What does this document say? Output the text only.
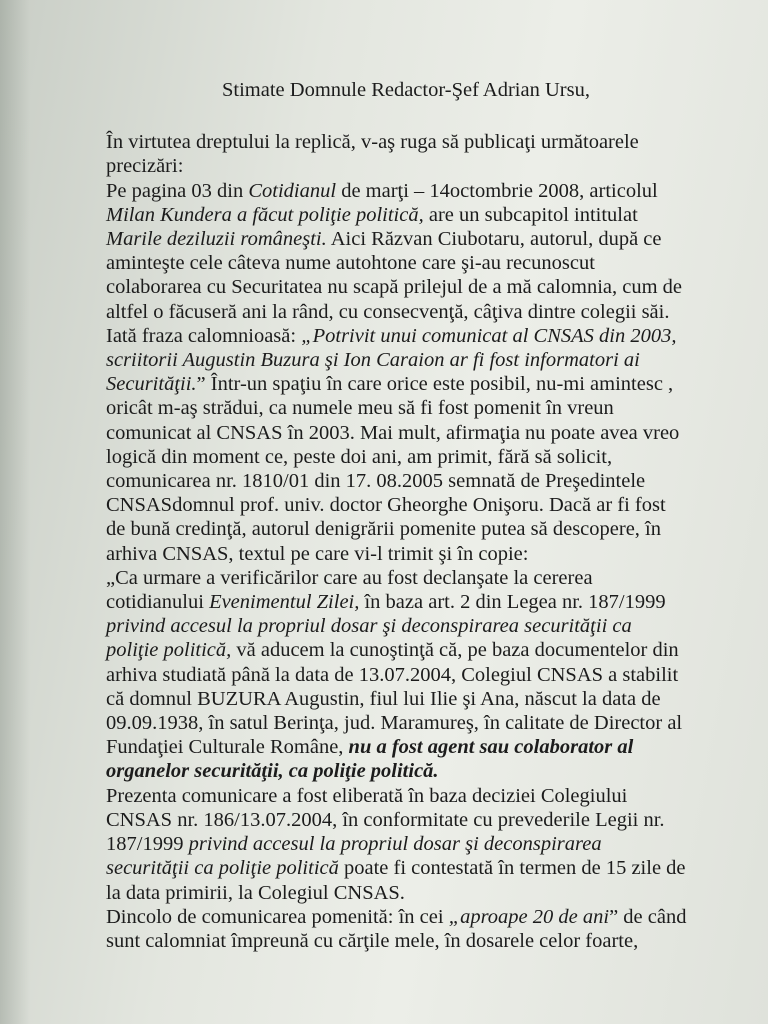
Stimate Domnule Redactor-Şef Adrian Ursu,
În virtutea dreptului la replică, v-aş ruga să publicaţi următoarele
precizări:
Pe pagina 03 din Cotidianul de marţi – 14octombrie 2008, articolul
Milan Kundera a făcut poliţie politică, are un subcapitol intitulat
Marile deziluzii româneşti. Aici Răzvan Ciubotaru, autorul, după ce
aminteşte cele câteva nume autohtone care şi-au recunoscut
colaborarea cu Securitatea nu scapă prilejul de a mă calomnia, cum de
altfel o făcuseră ani la rând, cu consecvenţă, câţiva dintre colegii săi.
Iată fraza calomnioasă: „Potrivit unui comunicat al CNSAS din 2003,
scriitorii Augustin Buzura şi Ion Caraion ar fi fost informatori ai
Securităţii.” Într-un spaţiu în care orice este posibil, nu-mi amintesc ,
oricât m-aş strădui, ca numele meu să fi fost pomenit în vreun
comunicat al CNSAS în 2003. Mai mult, afirmaţia nu poate avea vreo
logică din moment ce, peste doi ani, am primit, fără să solicit,
comunicarea nr. 1810/01 din 17. 08.2005 semnată de Preşedintele
CNSASdomnul prof. univ. doctor Gheorghe Onişoru. Dacă ar fi fost
de bună credinţă, autorul denigrării pomenite putea să descopere, în
arhiva CNSAS, textul pe care vi-l trimit şi în copie:
„Ca urmare a verificărilor care au fost declanşate la cererea
cotidianului Evenimentul Zilei, în baza art. 2 din Legea nr. 187/1999
privind accesul la propriul dosar şi deconspirarea securităţii ca
poliţie politică, vă aducem la cunoştinţă că, pe baza documentelor din
arhiva studiată până la data de 13.07.2004, Colegiul CNSAS a stabilit
că domnul BUZURA Augustin, fiul lui Ilie şi Ana, născut la data de
09.09.1938, în satul Berinţa, jud. Maramureş, în calitate de Director al
Fundaţiei Culturale Române, nu a fost agent sau colaborator al
organelor securităţii, ca poliţie politică.
Prezenta comunicare a fost eliberată în baza deciziei Colegiului
CNSAS nr. 186/13.07.2004, în conformitate cu prevederile Legii nr.
187/1999 privind accesul la propriul dosar şi deconspirarea
securităţii ca poliţie politică poate fi contestată în termen de 15 zile de
la data primirii, la Colegiul CNSAS.
Dincolo de comunicarea pomenită: în cei „aproape 20 de ani” de când
sunt calomniat împreună cu cărţile mele, în dosarele celor foarte,
